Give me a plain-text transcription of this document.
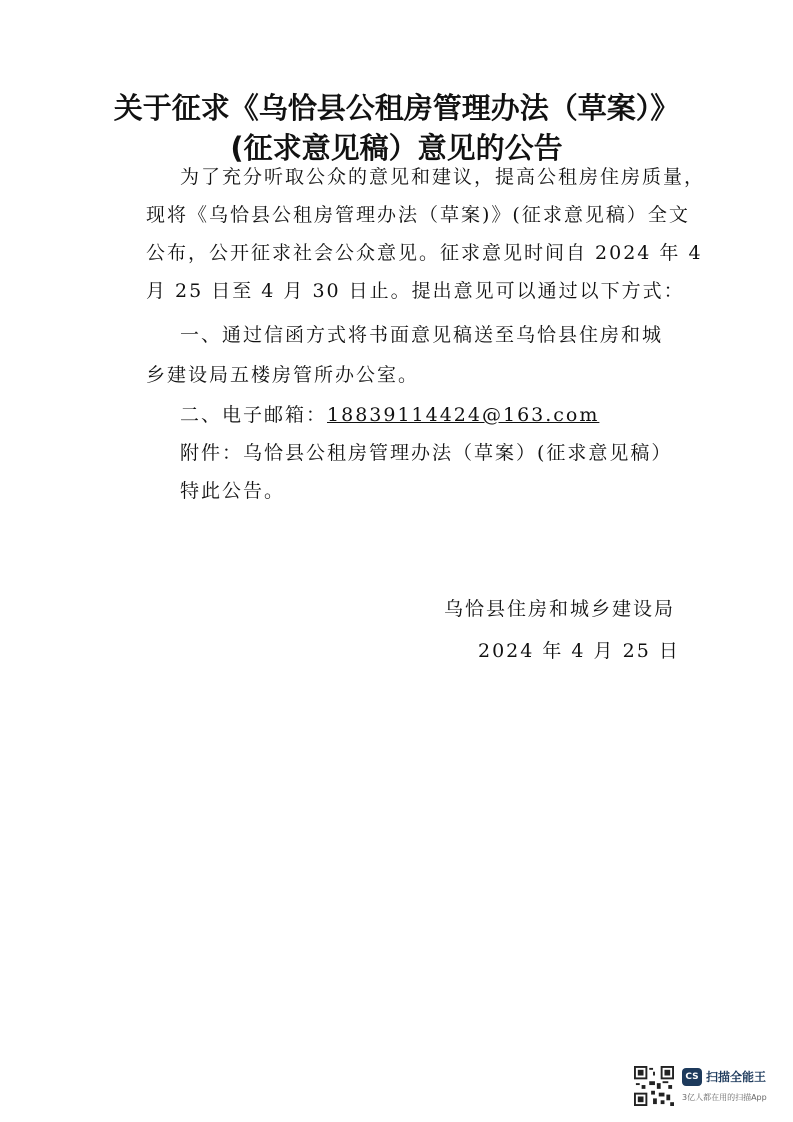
关于征求《乌恰县公租房管理办法（草案）》
(征求意见稿）意见的公告
为了充分听取公众的意见和建议，提高公租房住房质量，
现将《乌恰县公租房管理办法（草案)》(征求意见稿）全文
公布，公开征求社会公众意见。征求意见时间自 2024 年 4
月 25 日至 4 月 30 日止。提出意见可以通过以下方式：
一、通过信函方式将书面意见稿送至乌恰县住房和城
乡建设局五楼房管所办公室。
二、电子邮箱：18839114424@163.com
附件：乌恰县公租房管理办法（草案）(征求意见稿）
特此公告。
乌恰县住房和城乡建设局
2024 年 4 月 25 日
CS 扫描全能王
3亿人都在用的扫描App
